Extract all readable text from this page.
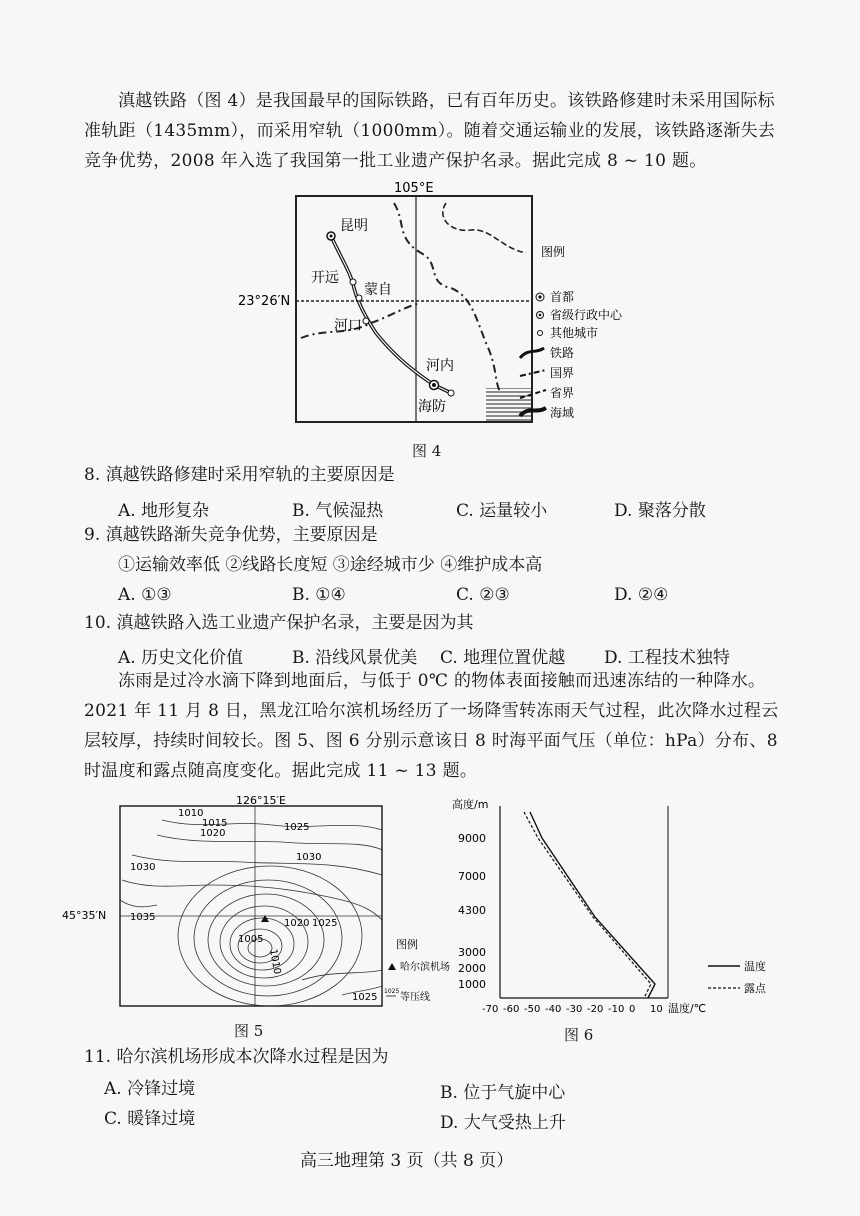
滇越铁路（图 4）是我国最早的国际铁路，已有百年历史。该铁路修建时未采用国际标准轨距（1435mm），而采用窄轨（1000mm）。随着交通运输业的发展，该铁路逐渐失去竞争优势，2008 年入选了我国第一批工业遗产保护名录。据此完成 8 ~ 10 题。
105°E
23°26′N
昆明
开远
蒙自
河口
河内
海防
图例
首都
省级行政中心
其他城市
铁路
国界
省界
海域
图 4
8. 滇越铁路修建时采用窄轨的主要原因是
A. 地形复杂	B. 气候湿热	C. 运量较小	D. 聚落分散
9. 滇越铁路渐失竞争优势，主要原因是
①运输效率低 ②线路长度短 ③途经城市少 ④维护成本高
A. ①③	B. ①④	C. ②③	D. ②④
10. 滇越铁路入选工业遗产保护名录，主要是因为其
A. 历史文化价值	B. 沿线风景优美 C. 地理位置优越 D. 工程技术独特
冻雨是过冷水滴下降到地面后，与低于 0℃ 的物体表面接触而迅速冻结的一种降水。2021 年 11 月 8 日，黑龙江哈尔滨机场经历了一场降雪转冻雨天气过程，此次降水过程云层较厚，持续时间较长。图 5、图 6 分别示意该日 8 时海平面气压（单位：hPa）分布、8 时温度和露点随高度变化。据此完成 11 ~ 13 题。
126°15′E
45°35′N
1010
1015
1020
1025
1030
1030
1035
1025
1020
1005
1010
1025
图例
哈尔滨机场
1025
等压线
图 5
高度/m
9000
7000
4300
3000
2000
1000
-70 -60 -50 -40 -30 -20 -10 0 10 温度/℃
温度
露点
图 6
11. 哈尔滨机场形成本次降水过程是因为
A. 冷锋过境	B. 位于气旋中心
C. 暖锋过境	D. 大气受热上升
高三地理第 3 页（共 8 页）
